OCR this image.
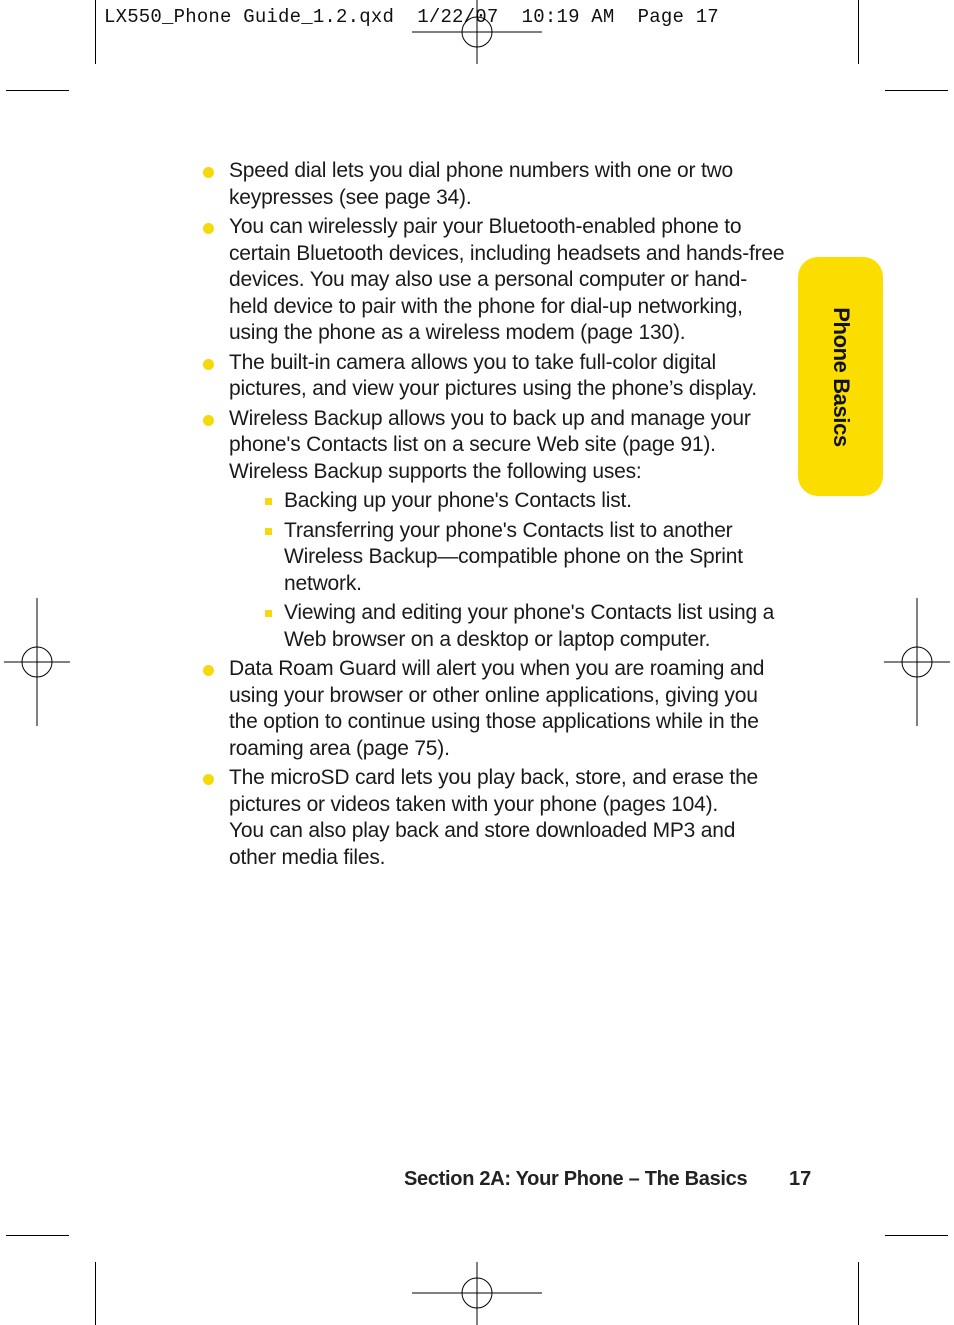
LX550_Phone Guide_1.2.qxd  1/22/07  10:19 AM  Page 17
Phone Basics
Speed dial lets you dial phone numbers with one or two keypresses (see page 34).
You can wirelessly pair your Bluetooth-enabled phone to certain Bluetooth devices, including headsets and hands-free devices. You may also use a personal computer or hand-held device to pair with the phone for dial-up networking, using the phone as a wireless modem (page 130).
The built-in camera allows you to take full-color digital pictures, and view your pictures using the phone’s display.
Wireless Backup allows you to back up and manage your phone's Contacts list on a secure Web site (page 91).
Wireless Backup supports the following uses:
Backing up your phone's Contacts list.
Transferring your phone's Contacts list to another Wireless Backup—compatible phone on the Sprint network.
Viewing and editing your phone's Contacts list using a Web browser on a desktop or laptop computer.
Data Roam Guard will alert you when you are roaming and using your browser or other online applications, giving you the option to continue using those applications while in the roaming area (page 75).
The microSD card lets you play back, store, and erase the pictures or videos taken with your phone (pages 104).
You can also play back and store downloaded MP3 and other media files.
Section 2A: Your Phone – The Basics 17
